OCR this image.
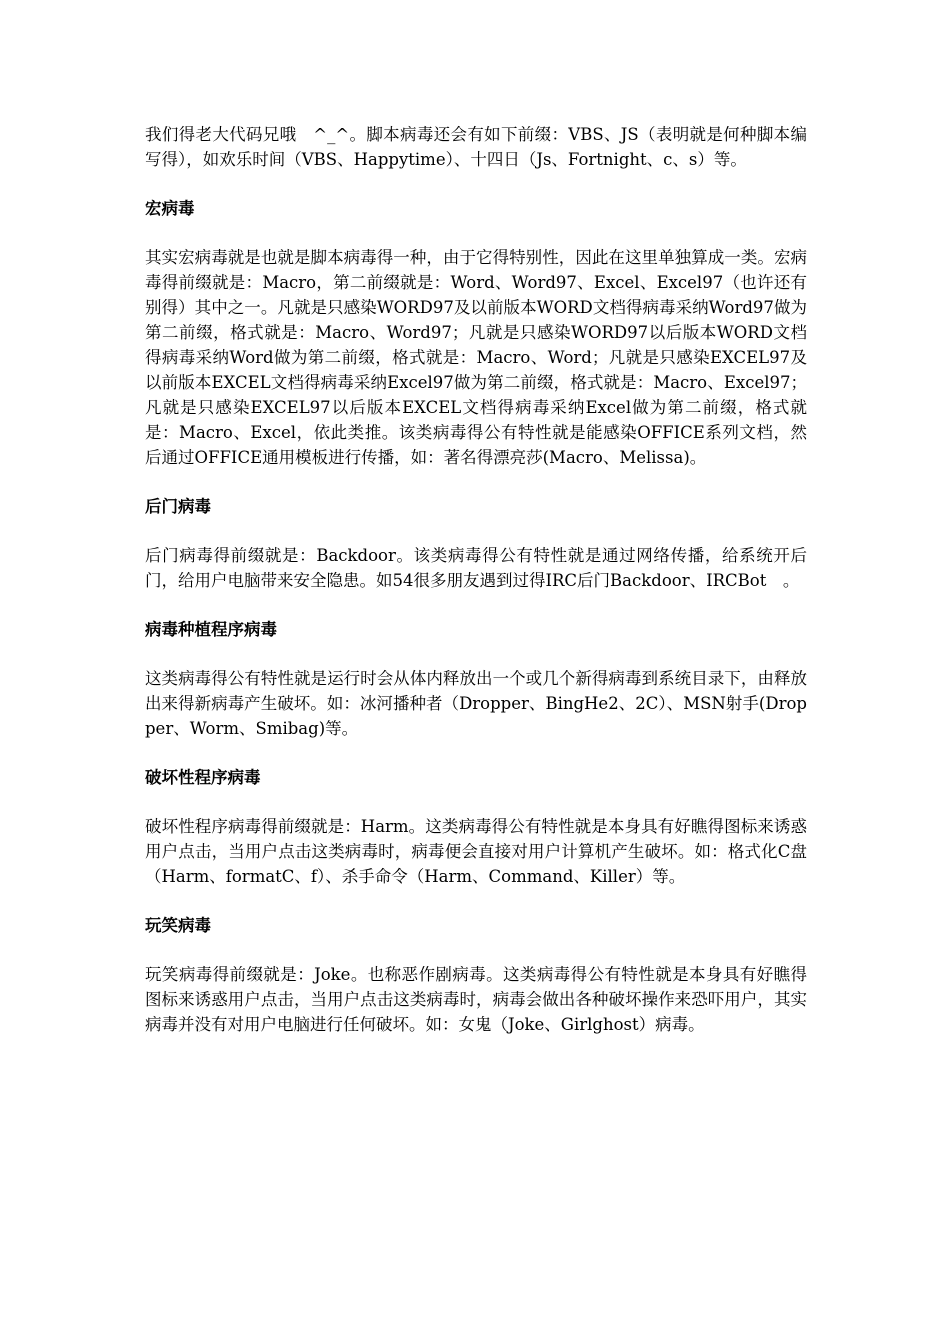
我们得老大代码兄哦　^_^。脚本病毒还会有如下前缀：VBS、JS（表明就是何种脚本编写得），如欢乐时间（VBS、Happytime）、十四日（Js、Fortnight、c、s）等。

宏病毒

其实宏病毒就是也就是脚本病毒得一种，由于它得特别性，因此在这里单独算成一类。宏病毒得前缀就是：Macro，第二前缀就是：Word、Word97、Excel、Excel97（也许还有别得）其中之一。凡就是只感染WORD97及以前版本WORD文档得病毒采纳Word97做为第二前缀，格式就是：Macro、Word97；凡就是只感染WORD97以后版本WORD文档得病毒采纳Word做为第二前缀，格式就是：Macro、Word；凡就是只感染EXCEL97及以前版本EXCEL文档得病毒采纳Excel97做为第二前缀，格式就是：Macro、Excel97；凡就是只感染EXCEL97以后版本EXCEL文档得病毒采纳Excel做为第二前缀，格式就是：Macro、Excel，依此类推。该类病毒得公有特性就是能感染OFFICE系列文档，然后通过OFFICE通用模板进行传播，如：著名得漂亮莎(Macro、Melissa)。

后门病毒

后门病毒得前缀就是：Backdoor。该类病毒得公有特性就是通过网络传播，给系统开后门，给用户电脑带来安全隐患。如54很多朋友遇到过得IRC后门Backdoor、IRCBot　。

病毒种植程序病毒

这类病毒得公有特性就是运行时会从体内释放出一个或几个新得病毒到系统目录下，由释放出来得新病毒产生破坏。如：冰河播种者（Dropper、BingHe2、2C）、MSN射手(Dropper、Worm、Smibag)等。

破坏性程序病毒

破坏性程序病毒得前缀就是：Harm。这类病毒得公有特性就是本身具有好瞧得图标来诱惑用户点击，当用户点击这类病毒时，病毒便会直接对用户计算机产生破坏。如：格式化C盘（Harm、formatC、f）、杀手命令（Harm、Command、Killer）等。

玩笑病毒

玩笑病毒得前缀就是：Joke。也称恶作剧病毒。这类病毒得公有特性就是本身具有好瞧得图标来诱惑用户点击，当用户点击这类病毒时，病毒会做出各种破坏操作来恐吓用户，其实病毒并没有对用户电脑进行任何破坏。如：女鬼（Joke、Girlghost）病毒。
